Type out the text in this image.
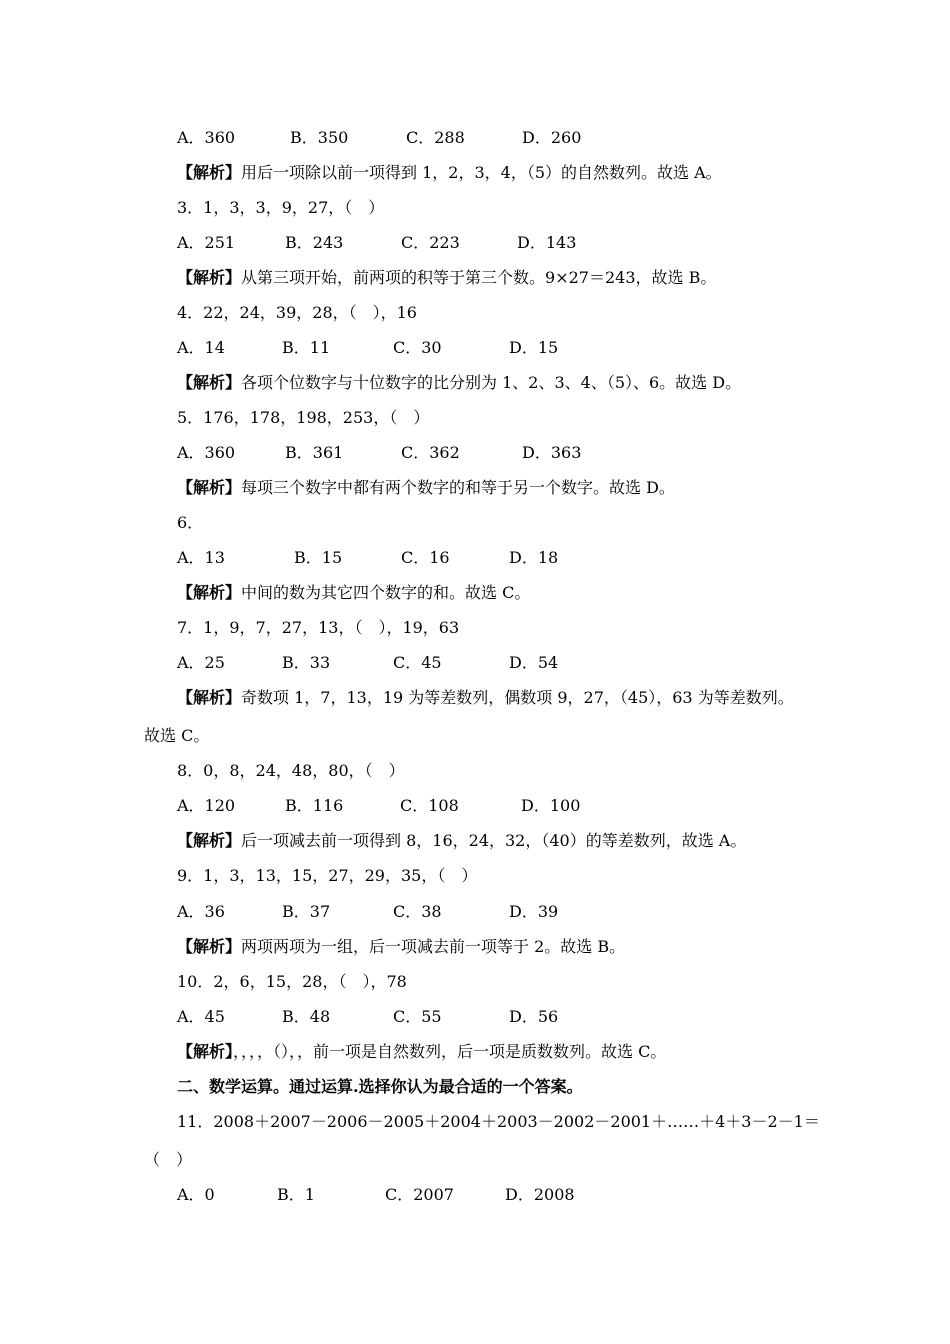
A．360	B．350	C．288	D．260
【解析】用后一项除以前一项得到 1，2，3，4，（5）的自然数列。故选 A。
3．1，3，3，9，27，（　）
A．251	B．243	C．223	D．143
【解析】从第三项开始，前两项的积等于第三个数。9×27＝243，故选 B。
4．22，24，39，28，（　），16
A．14	B．11	C．30	D．15
【解析】各项个位数字与十位数字的比分别为 1、2、3、4、（5）、6。故选 D。
5．176，178，198，253，（　）
A．360	B．361	C．362	D．363
【解析】每项三个数字中都有两个数字的和等于另一个数字。故选 D。
6．
A．13	B．15	C．16	D．18
【解析】中间的数为其它四个数字的和。故选 C。
7．1，9，7，27，13，（　），19，63
A．25	B．33	C．45	D．54
【解析】奇数项 1，7，13，19 为等差数列，偶数项 9，27，（45），63 为等差数列。
故选 C。
8．0，8，24，48，80，（　）
A．120	B．116	C．108	D．100
【解析】后一项减去前一项得到 8，16，24，32，（40）的等差数列，故选 A。
9．1，3，13，15，27，29，35，（　）
A．36	B．37	C．38	D．39
【解析】两项两项为一组，后一项减去前一项等于 2。故选 B。
10．2，6，15，28，（　），78
A．45	B．48	C．55	D．56
【解析】，，，，（），，前一项是自然数列，后一项是质数数列。故选 C。
二、数学运算。通过运算.选择你认为最合适的一个答案。
11．2008＋2007－2006－2005＋2004＋2003－2002－2001＋……＋4＋3－2－1＝
（　）
A．0	B．1	C．2007	D．2008
